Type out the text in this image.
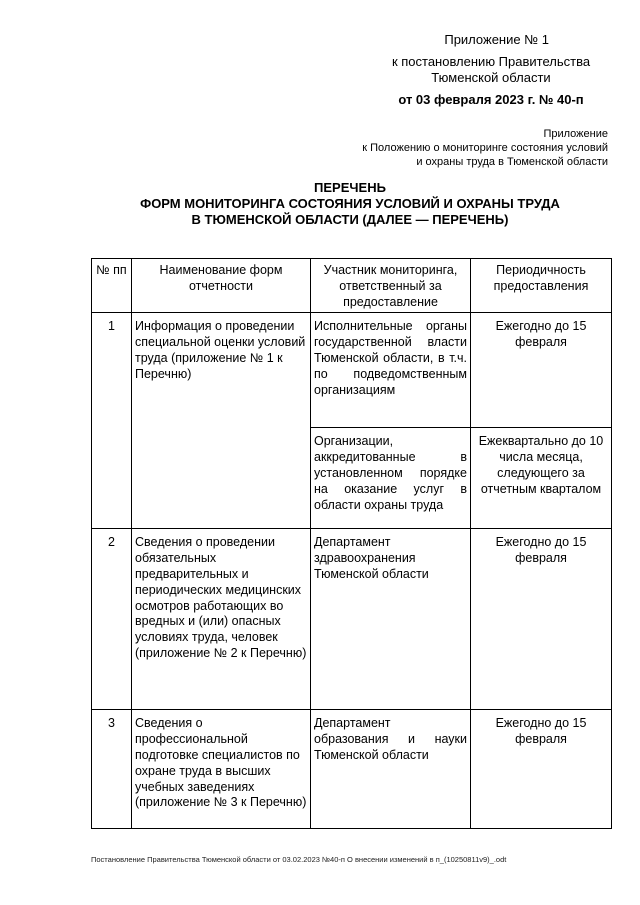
Приложение № 1
к постановлению Правительства
Тюменской области
от 03 февраля 2023 г. № 40-п
Приложение
к Положению о мониторинге состояния условий
и охраны труда в Тюменской области
ПЕРЕЧЕНЬ
ФОРМ МОНИТОРИНГА СОСТОЯНИЯ УСЛОВИЙ И ОХРАНЫ ТРУДА
В ТЮМЕНСКОЙ ОБЛАСТИ (ДАЛЕЕ — ПЕРЕЧЕНЬ)
№ пп	Наименование форм отчетности	Участник мониторинга, ответственный за предоставление	Периодичность предоставления
1	Информация о проведении специальной оценки условий труда (приложение № 1 к Перечню)	Исполнительные органы государственной власти Тюменской области, в т.ч. по подведомственным организациям	Ежегодно до 15 февраля
		Организации, аккредитованные в установленном порядке на оказание услуг в области охраны труда	Ежеквартально до 10 числа месяца, следующего за отчетным кварталом
2	Сведения о проведении обязательных предварительных и периодических медицинских осмотров работающих во вредных и (или) опасных условиях труда, человек (приложение № 2 к Перечню)	Департамент здравоохранения Тюменской области	Ежегодно до 15 февраля
3	Сведения о профессиональной подготовке специалистов по охране труда в высших учебных заведениях (приложение № 3 к Перечню)	Департамент образования и науки Тюменской области	Ежегодно до 15 февраля
Постановление Правительства Тюменской области от 03.02.2023 №40-п О внесении изменений в п_(10250811v9)_.odt
